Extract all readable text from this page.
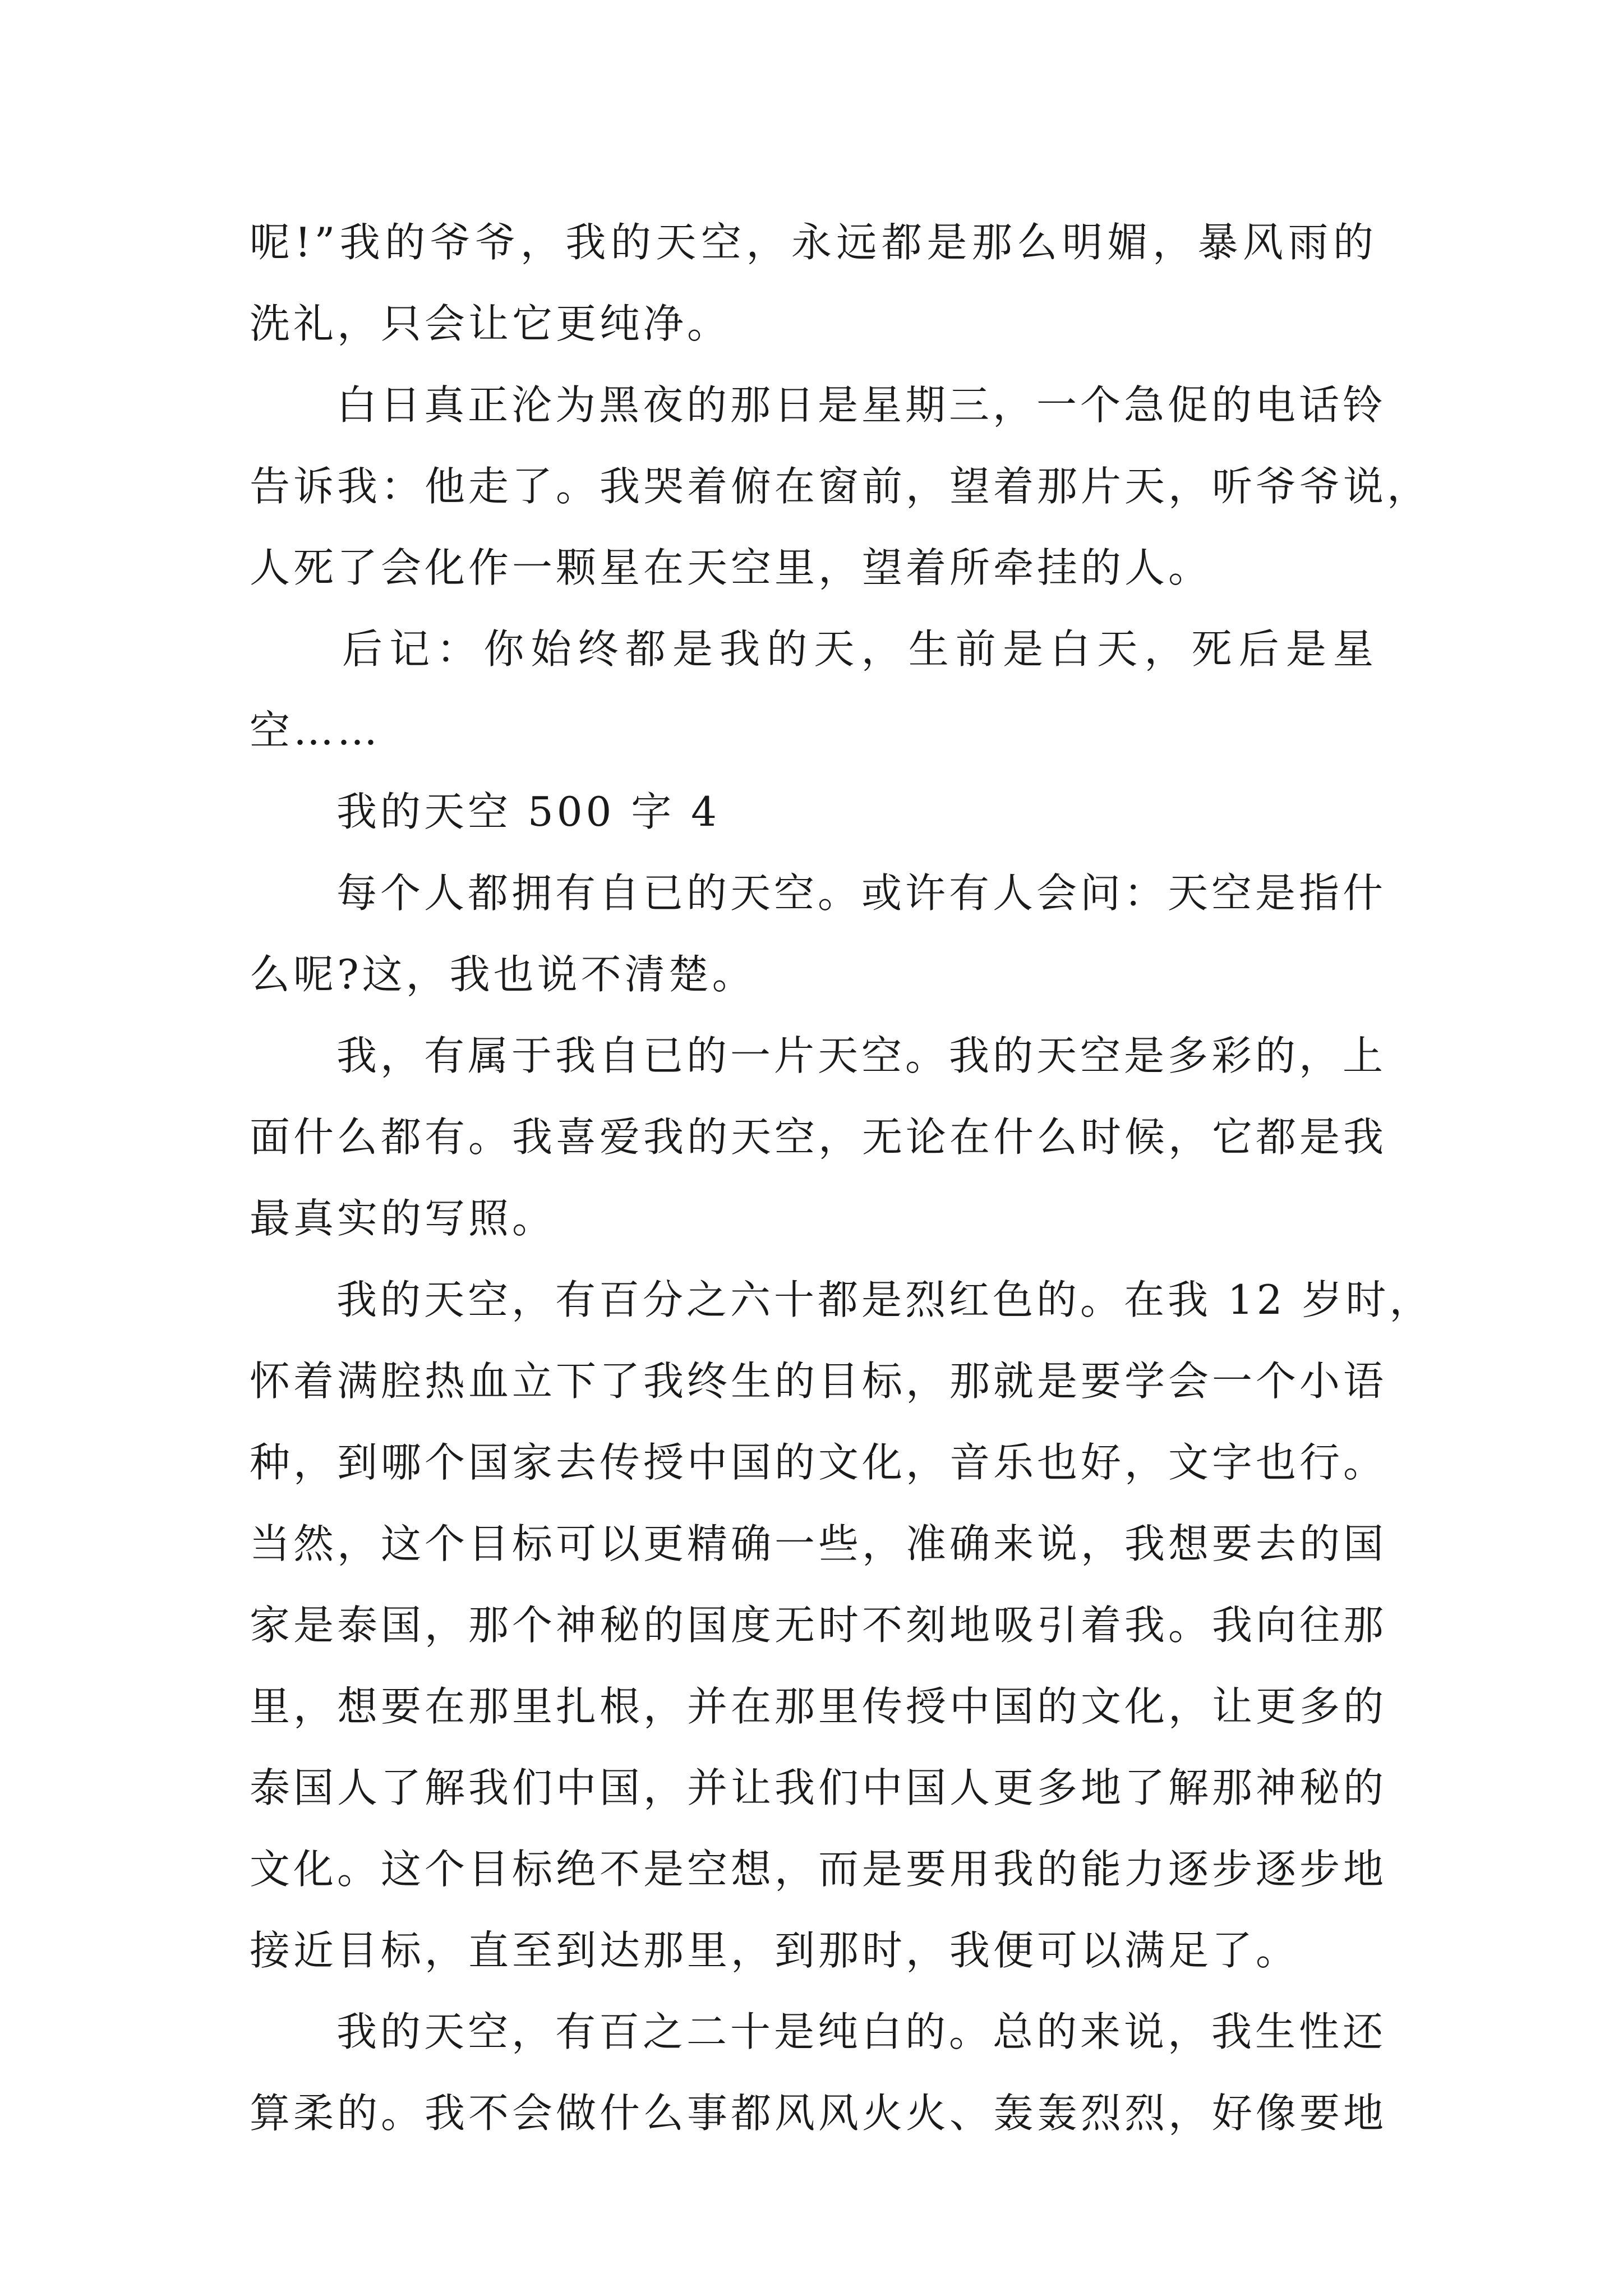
呢!”我的爷爷，我的天空，永远都是那么明媚，暴风雨的
洗礼，只会让它更纯净。
白日真正沦为黑夜的那日是星期三，一个急促的电话铃
告诉我：他走了。我哭着俯在窗前，望着那片天，听爷爷说，
人死了会化作一颗星在天空里，望着所牵挂的人。
后记：你始终都是我的天，生前是白天，死后是星
空……
我的天空 500 字 4
每个人都拥有自已的天空。或许有人会问：天空是指什
么呢?这，我也说不清楚。
我，有属于我自已的一片天空。我的天空是多彩的，上
面什么都有。我喜爱我的天空，无论在什么时候，它都是我
最真实的写照。
我的天空，有百分之六十都是烈红色的。在我 12 岁时，
怀着满腔热血立下了我终生的目标，那就是要学会一个小语
种，到哪个国家去传授中国的文化，音乐也好，文字也行。
当然，这个目标可以更精确一些，准确来说，我想要去的国
家是泰国，那个神秘的国度无时不刻地吸引着我。我向往那
里，想要在那里扎根，并在那里传授中国的文化，让更多的
泰国人了解我们中国，并让我们中国人更多地了解那神秘的
文化。这个目标绝不是空想，而是要用我的能力逐步逐步地
接近目标，直至到达那里，到那时，我便可以满足了。
我的天空，有百之二十是纯白的。总的来说，我生性还
算柔的。我不会做什么事都风风火火、轰轰烈烈，好像要地
